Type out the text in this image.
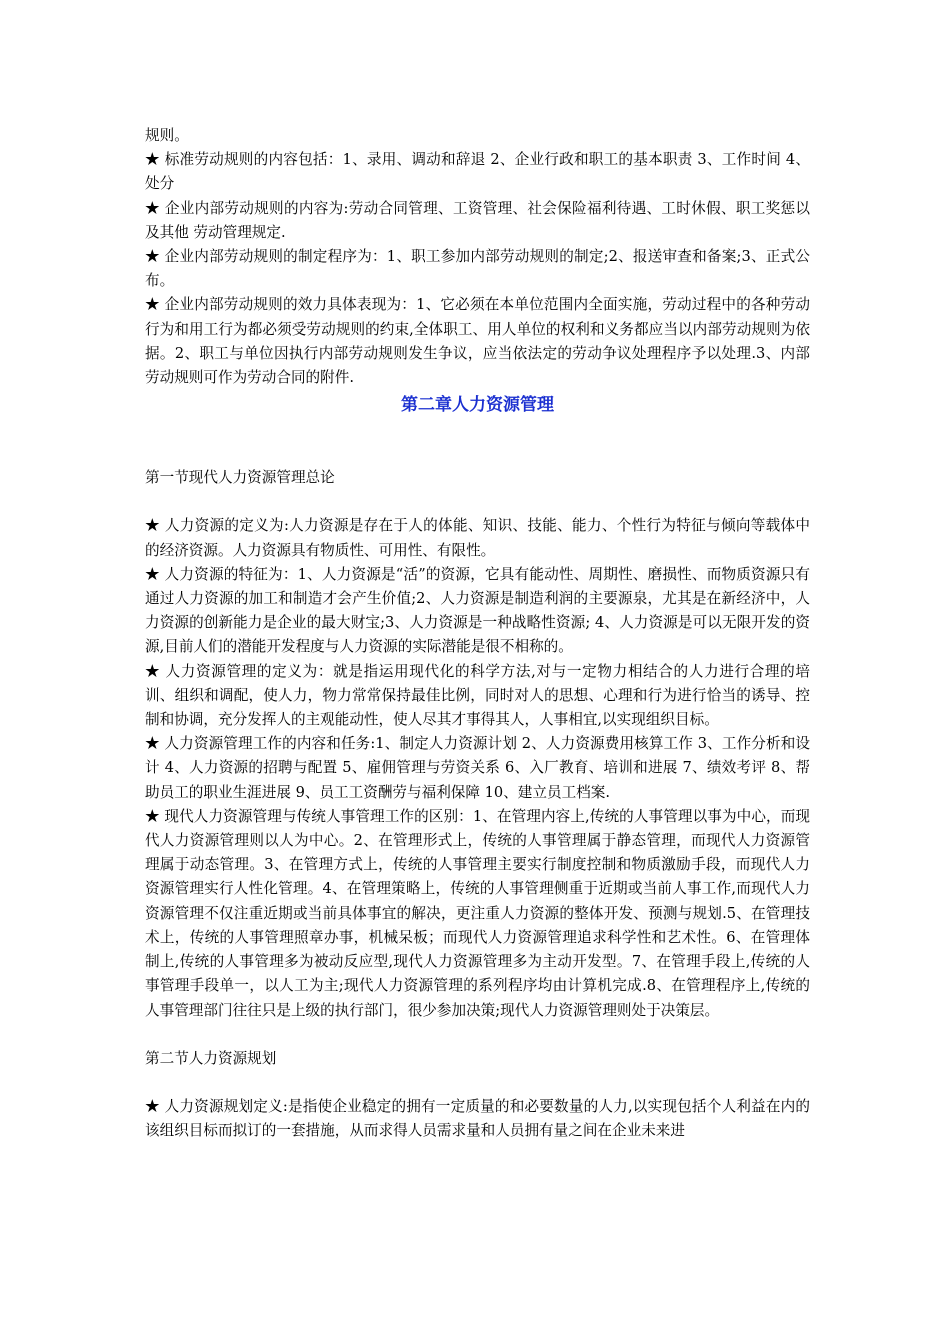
规则。

★ 标准劳动规则的内容包括：1、录用、调动和辞退 2、企业行政和职工的基本职责 3、工作时间 4、处分

★ 企业内部劳动规则的内容为:劳动合同管理、工资管理、社会保险福利待遇、工时休假、职工奖惩以及其他 劳动管理规定.

★ 企业内部劳动规则的制定程序为：1、职工参加内部劳动规则的制定;2、报送审查和备案;3、正式公布。

★ 企业内部劳动规则的效力具体表现为：1、它必须在本单位范围内全面实施，劳动过程中的各种劳动行为和用工行为都必须受劳动规则的约束,全体职工、用人单位的权利和义务都应当以内部劳动规则为依据。2、职工与单位因执行内部劳动规则发生争议，应当依法定的劳动争议处理程序予以处理.3、内部劳动规则可作为劳动合同的附件.

第二章人力资源管理

第一节现代人力资源管理总论

★ 人力资源的定义为:人力资源是存在于人的体能、知识、技能、能力、个性行为特征与倾向等载体中的经济资源。人力资源具有物质性、可用性、有限性。

★ 人力资源的特征为：1、人力资源是“活”的资源，它具有能动性、周期性、磨损性、而物质资源只有通过人力资源的加工和制造才会产生价值;2、人力资源是制造利润的主要源泉，尤其是在新经济中，人力资源的创新能力是企业的最大财宝;3、人力资源是一种战略性资源; 4、人力资源是可以无限开发的资源,目前人们的潜能开发程度与人力资源的实际潜能是很不相称的。

★ 人力资源管理的定义为：就是指运用现代化的科学方法,对与一定物力相结合的人力进行合理的培训、组织和调配，使人力，物力常常保持最佳比例，同时对人的思想、心理和行为进行恰当的诱导、控制和协调，充分发挥人的主观能动性，使人尽其才事得其人，人事相宜,以实现组织目标。

★ 人力资源管理工作的内容和任务:1、制定人力资源计划 2、人力资源费用核算工作 3、工作分析和设计 4、人力资源的招聘与配置 5、雇佣管理与劳资关系 6、入厂教育、培训和进展 7、绩效考评 8、帮助员工的职业生涯进展 9、员工工资酬劳与福利保障 10、建立员工档案.

★ 现代人力资源管理与传统人事管理工作的区别：1、在管理内容上,传统的人事管理以事为中心，而现代人力资源管理则以人为中心。2、在管理形式上，传统的人事管理属于静态管理，而现代人力资源管理属于动态管理。3、在管理方式上，传统的人事管理主要实行制度控制和物质激励手段，而现代人力资源管理实行人性化管理。4、在管理策略上，传统的人事管理侧重于近期或当前人事工作,而现代人力资源管理不仅注重近期或当前具体事宜的解决，更注重人力资源的整体开发、预测与规划.5、在管理技术上，传统的人事管理照章办事，机械呆板；而现代人力资源管理追求科学性和艺术性。6、在管理体制上,传统的人事管理多为被动反应型,现代人力资源管理多为主动开发型。7、在管理手段上,传统的人事管理手段单一，以人工为主;现代人力资源管理的系列程序均由计算机完成.8、在管理程序上,传统的人事管理部门往往只是上级的执行部门，很少参加决策;现代人力资源管理则处于决策层。

第二节人力资源规划

★ 人力资源规划定义:是指使企业稳定的拥有一定质量的和必要数量的人力,以实现包括个人利益在内的该组织目标而拟订的一套措施，从而求得人员需求量和人员拥有量之间在企业未来进
